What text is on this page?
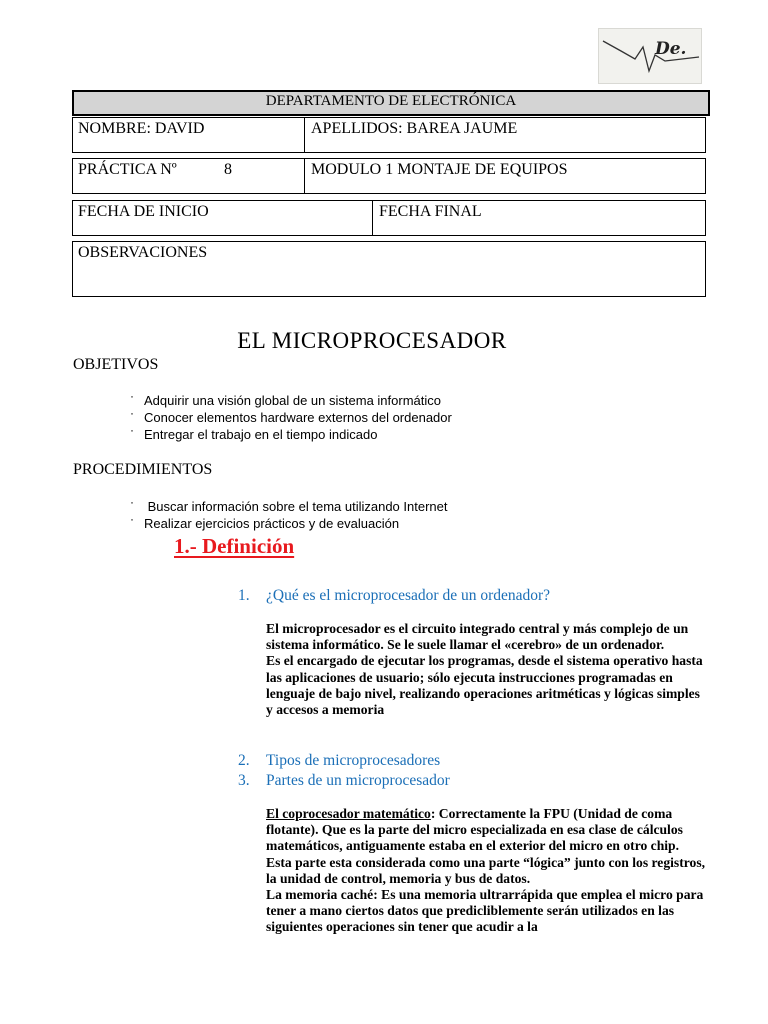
De.
DEPARTAMENTO DE ELECTRÓNICA
NOMBRE: DAVID	APELLIDOS: BAREA JAUME
PRÁCTICA Nº	8	MODULO 1 MONTAJE DE EQUIPOS
FECHA DE INICIO	FECHA FINAL
OBSERVACIONES
EL MICROPROCESADOR
OBJETIVOS
· Adquirir una visión global de un sistema informático
· Conocer elementos hardware externos del ordenador
· Entregar el trabajo en el tiempo indicado
PROCEDIMIENTOS
·  Buscar información sobre el tema utilizando Internet
· Realizar ejercicios prácticos y de evaluación
1.- Definición
1. ¿Qué es el microprocesador de un ordenador?

El microprocesador es el circuito integrado central y más complejo de un sistema informático. Se le suele llamar el «cerebro» de un ordenador.

Es el encargado de ejecutar los programas, desde el sistema operativo hasta las aplicaciones de usuario; sólo ejecuta instrucciones programadas en lenguaje de bajo nivel, realizando operaciones aritméticas y lógicas simples y accesos a memoria

2. Tipos de microprocesadores
3. Partes de un microprocesador

El coprocesador matemático: Correctamente la FPU (Unidad de coma flotante). Que es la parte del micro especializada en esa clase de cálculos matemáticos, antiguamente estaba en el exterior del micro en otro chip. Esta parte esta considerada como una parte “lógica” junto con los registros, la unidad de control, memoria y bus de datos.

La memoria caché: Es una memoria ultrarrápida que emplea el micro para tener a mano ciertos datos que predicliblemente serán utilizados en las siguientes operaciones sin tener que acudir a la
